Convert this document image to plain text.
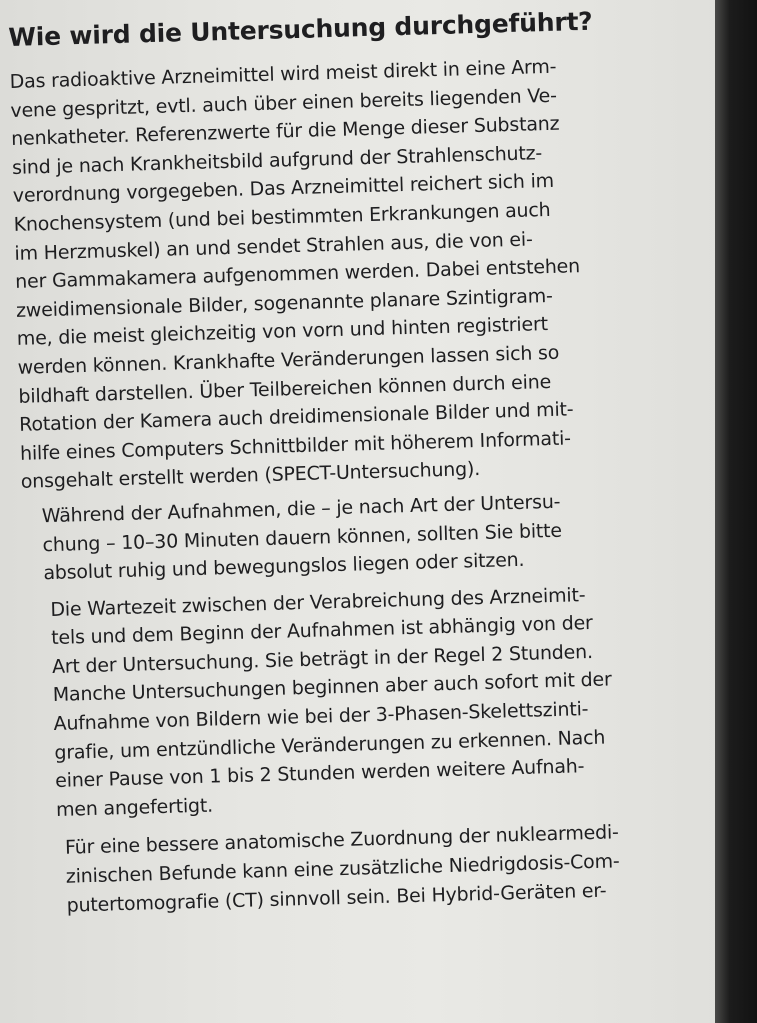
Wie wird die Untersuchung durchgeführt?
Das radioaktive Arzneimittel wird meist direkt in eine Arm-
vene gespritzt, evtl. auch über einen bereits liegenden Ve-
nenkatheter. Referenzwerte für die Menge dieser Substanz
sind je nach Krankheitsbild aufgrund der Strahlenschutz-
verordnung vorgegeben. Das Arzneimittel reichert sich im
Knochensystem (und bei bestimmten Erkrankungen auch
im Herzmuskel) an und sendet Strahlen aus, die von ei-
ner Gammakamera aufgenommen werden. Dabei entstehen
zweidimensionale Bilder, sogenannte planare Szintigram-
me, die meist gleichzeitig von vorn und hinten registriert
werden können. Krankhafte Veränderungen lassen sich so
bildhaft darstellen. Über Teilbereichen können durch eine
Rotation der Kamera auch dreidimensionale Bilder und mit-
hilfe eines Computers Schnittbilder mit höherem Informati-
onsgehalt erstellt werden (SPECT-Untersuchung).
Während der Aufnahmen, die – je nach Art der Untersu-
chung – 10–30 Minuten dauern können, sollten Sie bitte
absolut ruhig und bewegungslos liegen oder sitzen.
Die Wartezeit zwischen der Verabreichung des Arzneimit-
tels und dem Beginn der Aufnahmen ist abhängig von der
Art der Untersuchung. Sie beträgt in der Regel 2 Stunden.
Manche Untersuchungen beginnen aber auch sofort mit der
Aufnahme von Bildern wie bei der 3-Phasen-Skelettszinti-
grafie, um entzündliche Veränderungen zu erkennen. Nach
einer Pause von 1 bis 2 Stunden werden weitere Aufnah-
men angefertigt.
Für eine bessere anatomische Zuordnung der nuklearmedi-
zinischen Befunde kann eine zusätzliche Niedrigdosis-Com-
putertomografie (CT) sinnvoll sein. Bei Hybrid-Geräten er-
